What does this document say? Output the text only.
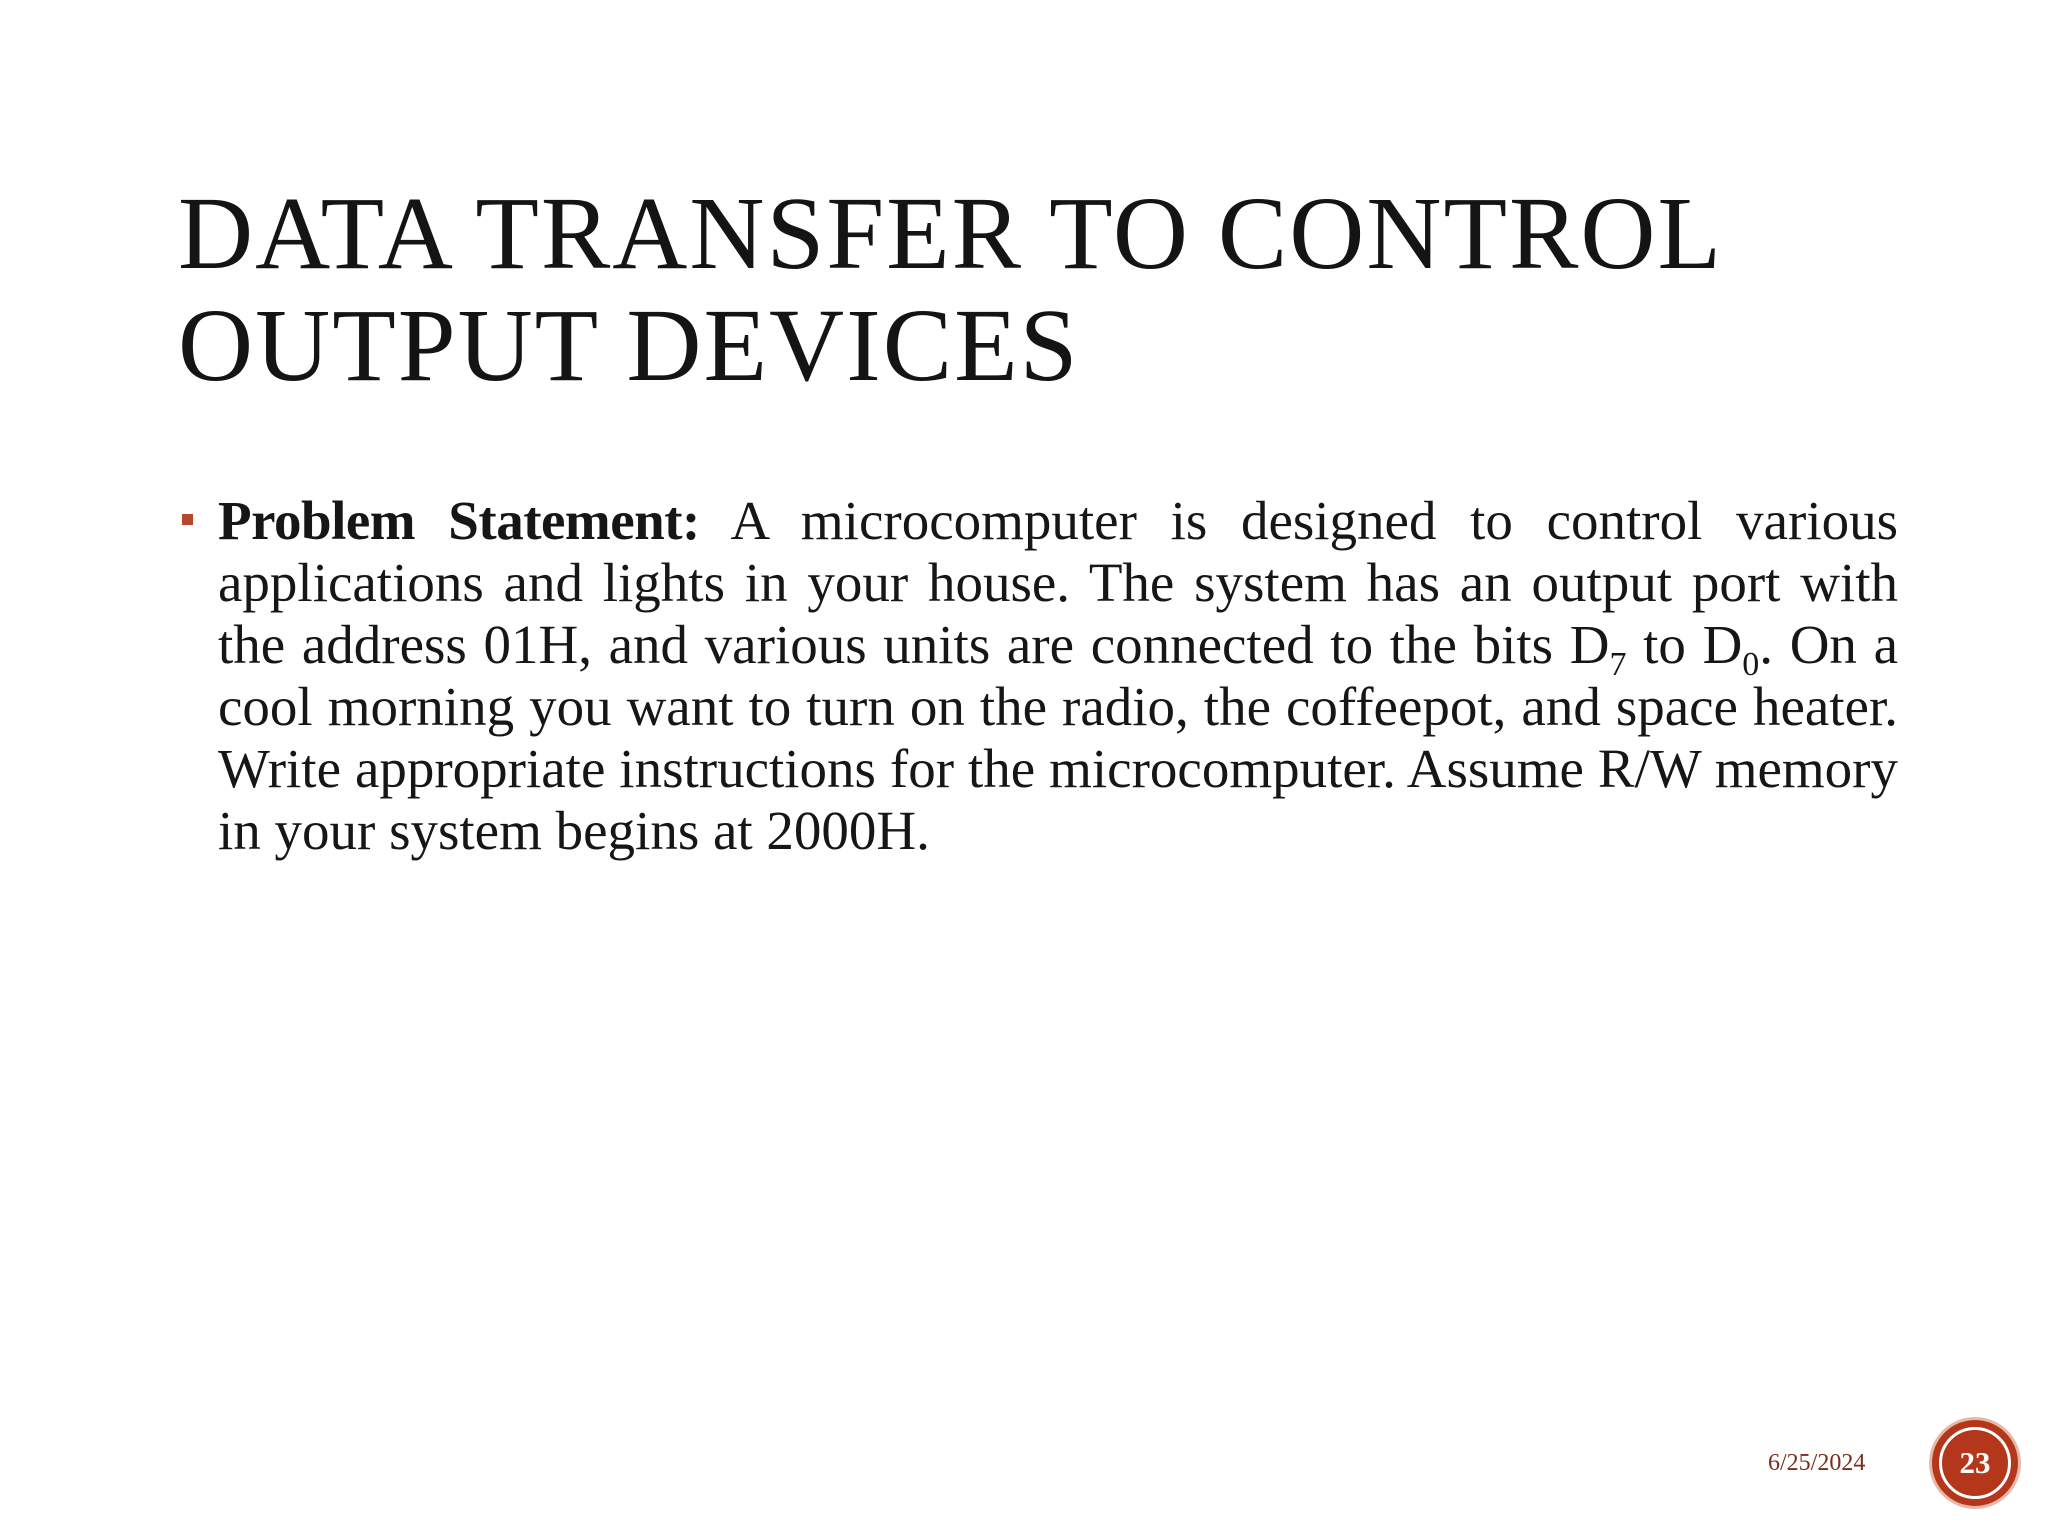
DATA TRANSFER TO CONTROL
OUTPUT DEVICES

Problem Statement: A microcomputer is designed to control various applications and lights in your house. The system has an output port with the address 01H, and various units are connected to the bits $D_7$ to $D_0$. On a cool morning you want to turn on the radio, the coffeepot, and space heater. Write appropriate instructions for the microcomputer. Assume R/W memory in your system begins at 2000H.

6/25/2024	23
